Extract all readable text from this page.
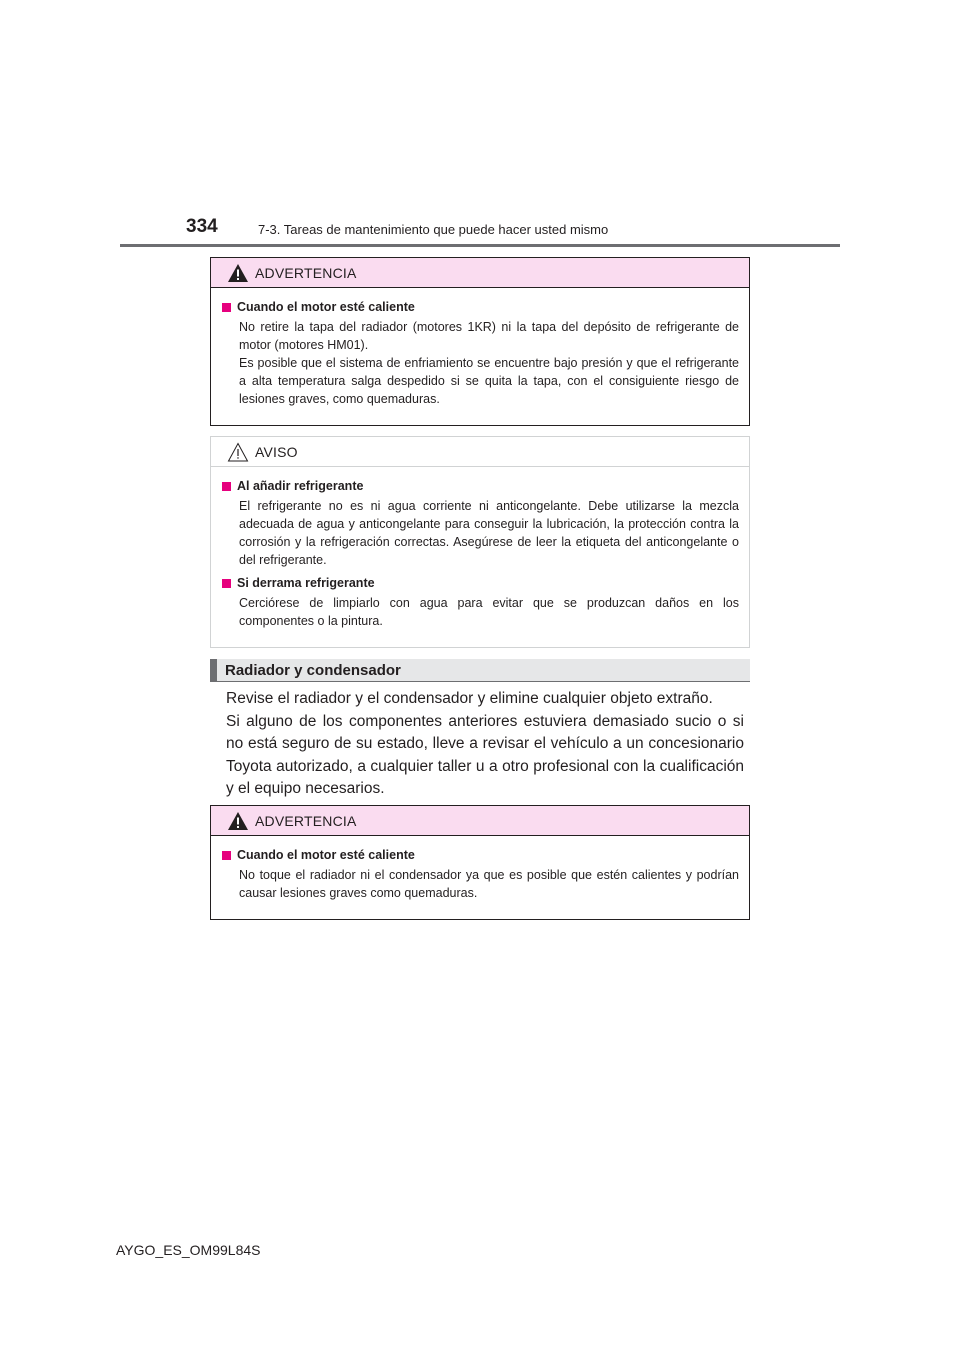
334	7-3. Tareas de mantenimiento que puede hacer usted mismo
ADVERTENCIA
Cuando el motor esté caliente
No retire la tapa del radiador (motores 1KR) ni la tapa del depósito de refrigerante de motor (motores HM01).
Es posible que el sistema de enfriamiento se encuentre bajo presión y que el refrigerante a alta temperatura salga despedido si se quita la tapa, con el consiguiente riesgo de lesiones graves, como quemaduras.
AVISO
Al añadir refrigerante
El refrigerante no es ni agua corriente ni anticongelante. Debe utilizarse la mezcla adecuada de agua y anticongelante para conseguir la lubricación, la protección contra la corrosión y la refrigeración correctas. Asegúrese de leer la etiqueta del anticongelante o del refrigerante.
Si derrama refrigerante
Cerciórese de limpiarlo con agua para evitar que se produzcan daños en los componentes o la pintura.
Radiador y condensador

Revise el radiador y el condensador y elimine cualquier objeto extraño.

Si alguno de los componentes anteriores estuviera demasiado sucio o si no está seguro de su estado, lleve a revisar el vehículo a un concesionario Toyota autorizado, a cualquier taller u a otro profesional con la cualificación y el equipo necesarios.

ADVERTENCIA
Cuando el motor esté caliente
No toque el radiador ni el condensador ya que es posible que estén calientes y podrían causar lesiones graves como quemaduras.
AYGO_ES_OM99L84S
